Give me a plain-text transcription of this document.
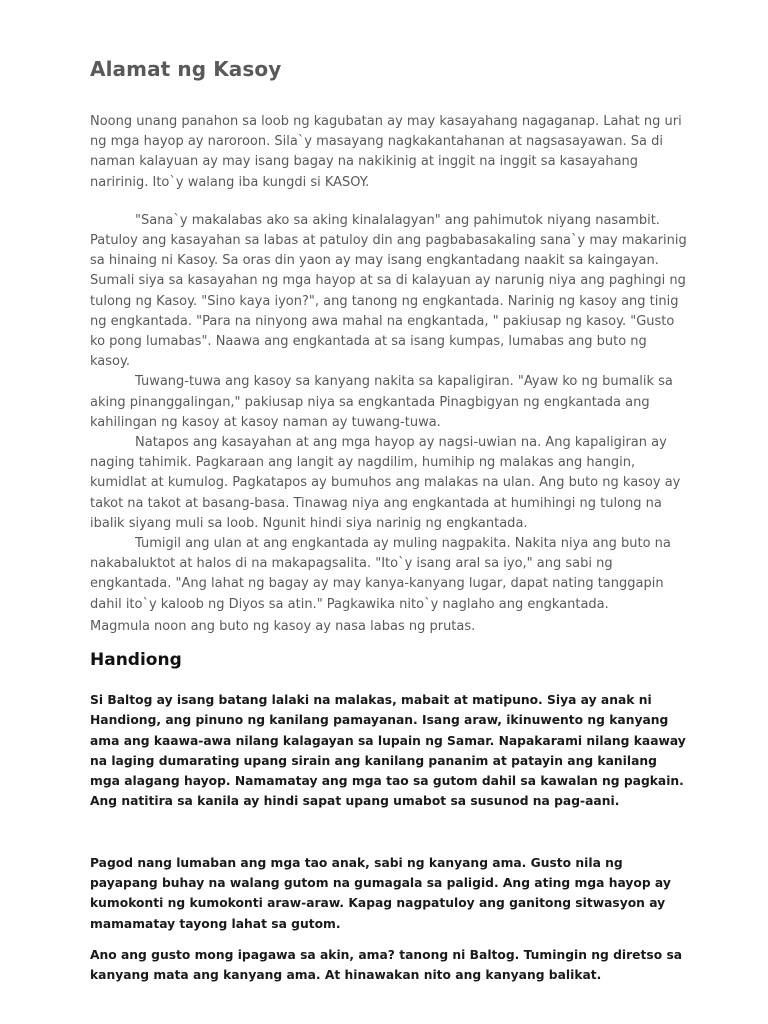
Alamat ng Kasoy

Noong unang panahon sa loob ng kagubatan ay may kasayahang nagaganap. Lahat ng uri ng mga hayop ay naroroon. Sila`y masayang nagkakantahanan at nagsasayawan. Sa di naman kalayuan ay may isang bagay na nakikinig at inggit na inggit sa kasayahang naririnig. Ito`y walang iba kungdi si KASOY.

"Sana`y makalabas ako sa aking kinalalagyan" ang pahimutok niyang nasambit. Patuloy ang kasayahan sa labas at patuloy din ang pagbabasakaling sana`y may makarinig sa hinaing ni Kasoy. Sa oras din yaon ay may isang engkantadang naakit sa kaingayan. Sumali siya sa kasayahan ng mga hayop at sa di kalayuan ay narunig niya ang paghingi ng tulong ng Kasoy. "Sino kaya iyon?", ang tanong ng engkantada. Narinig ng kasoy ang tinig ng engkantada. "Para na ninyong awa mahal na engkantada, " pakiusap ng kasoy. "Gusto ko pong lumabas". Naawa ang engkantada at sa isang kumpas, lumabas ang buto ng kasoy.

Tuwang-tuwa ang kasoy sa kanyang nakita sa kapaligiran. "Ayaw ko ng bumalik sa aking pinanggalingan," pakiusap niya sa engkantada Pinagbigyan ng engkantada ang kahilingan ng kasoy at kasoy naman ay tuwang-tuwa.

Natapos ang kasayahan at ang mga hayop ay nagsi-uwian na. Ang kapaligiran ay naging tahimik. Pagkaraan ang langit ay nagdilim, humihip ng malakas ang hangin, kumidlat at kumulog. Pagkatapos ay bumuhos ang malakas na ulan. Ang buto ng kasoy ay takot na takot at basang-basa. Tinawag niya ang engkantada at humihingi ng tulong na ibalik siyang muli sa loob. Ngunit hindi siya narinig ng engkantada.

Tumigil ang ulan at ang engkantada ay muling nagpakita. Nakita niya ang buto na nakabaluktot at halos di na makapagsalita. "Ito`y isang aral sa iyo," ang sabi ng engkantada. "Ang lahat ng bagay ay may kanya-kanyang lugar, dapat nating tanggapin dahil ito`y kaloob ng Diyos sa atin." Pagkawika nito`y naglaho ang engkantada.

Magmula noon ang buto ng kasoy ay nasa labas ng prutas.

Handiong

Si Baltog ay isang batang lalaki na malakas, mabait at matipuno. Siya ay anak ni Handiong, ang pinuno ng kanilang pamayanan. Isang araw, ikinuwento ng kanyang ama ang kaawa-awa nilang kalagayan sa lupain ng Samar. Napakarami nilang kaaway na laging dumarating upang sirain ang kanilang pananim at patayin ang kanilang mga alagang hayop. Namamatay ang mga tao sa gutom dahil sa kawalan ng pagkain. Ang natitira sa kanila ay hindi sapat upang umabot sa susunod na pag-aani.

Pagod nang lumaban ang mga tao anak, sabi ng kanyang ama. Gusto nila ng payapang buhay na walang gutom na gumagala sa paligid. Ang ating mga hayop ay kumokonti ng kumokonti araw-araw. Kapag nagpatuloy ang ganitong sitwasyon ay mamamatay tayong lahat sa gutom.

Ano ang gusto mong ipagawa sa akin, ama? tanong ni Baltog. Tumingin ng diretso sa kanyang mata ang kanyang ama. At hinawakan nito ang kanyang balikat.
